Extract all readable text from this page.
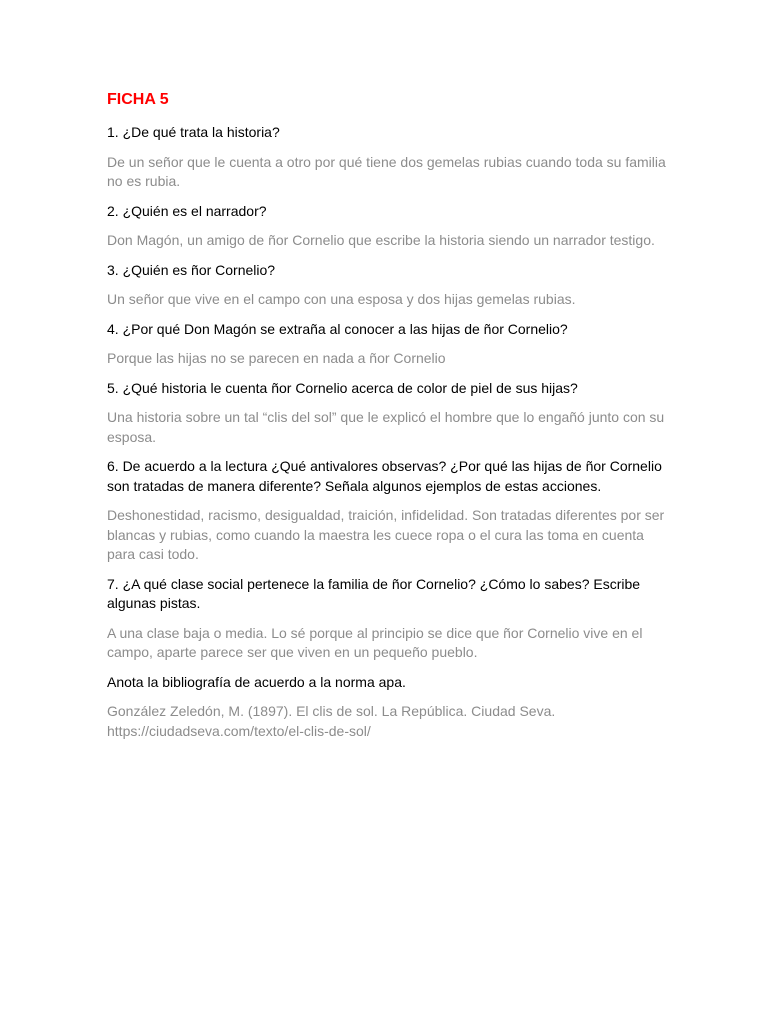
FICHA 5

1. ¿De qué trata la historia?

De un señor que le cuenta a otro por qué tiene dos gemelas rubias cuando toda su familia no es rubia.

2. ¿Quién es el narrador?

Don Magón, un amigo de ñor Cornelio que escribe la historia siendo un narrador testigo.

3. ¿Quién es ñor Cornelio?

Un señor que vive en el campo con una esposa y dos hijas gemelas rubias.

4. ¿Por qué Don Magón se extraña al conocer a las hijas de ñor Cornelio?

Porque las hijas no se parecen en nada a ñor Cornelio

5. ¿Qué historia le cuenta ñor Cornelio acerca de color de piel de sus hijas?

Una historia sobre un tal “clis del sol” que le explicó el hombre que lo engañó junto con su esposa.

6. De acuerdo a la lectura ¿Qué antivalores observas? ¿Por qué las hijas de ñor Cornelio son tratadas de manera diferente? Señala algunos ejemplos de estas acciones.

Deshonestidad, racismo, desigualdad, traición, infidelidad. Son tratadas diferentes por ser blancas y rubias, como cuando la maestra les cuece ropa o el cura las toma en cuenta para casi todo.

7. ¿A qué clase social pertenece la familia de ñor Cornelio? ¿Cómo lo sabes? Escribe algunas pistas.

A una clase baja o media. Lo sé porque al principio se dice que ñor Cornelio vive en el campo, aparte parece ser que viven en un pequeño pueblo.

Anota la bibliografía de acuerdo a la norma apa.

González Zeledón, M. (1897). El clis de sol. La República. Ciudad Seva. https://ciudadseva.com/texto/el-clis-de-sol/
